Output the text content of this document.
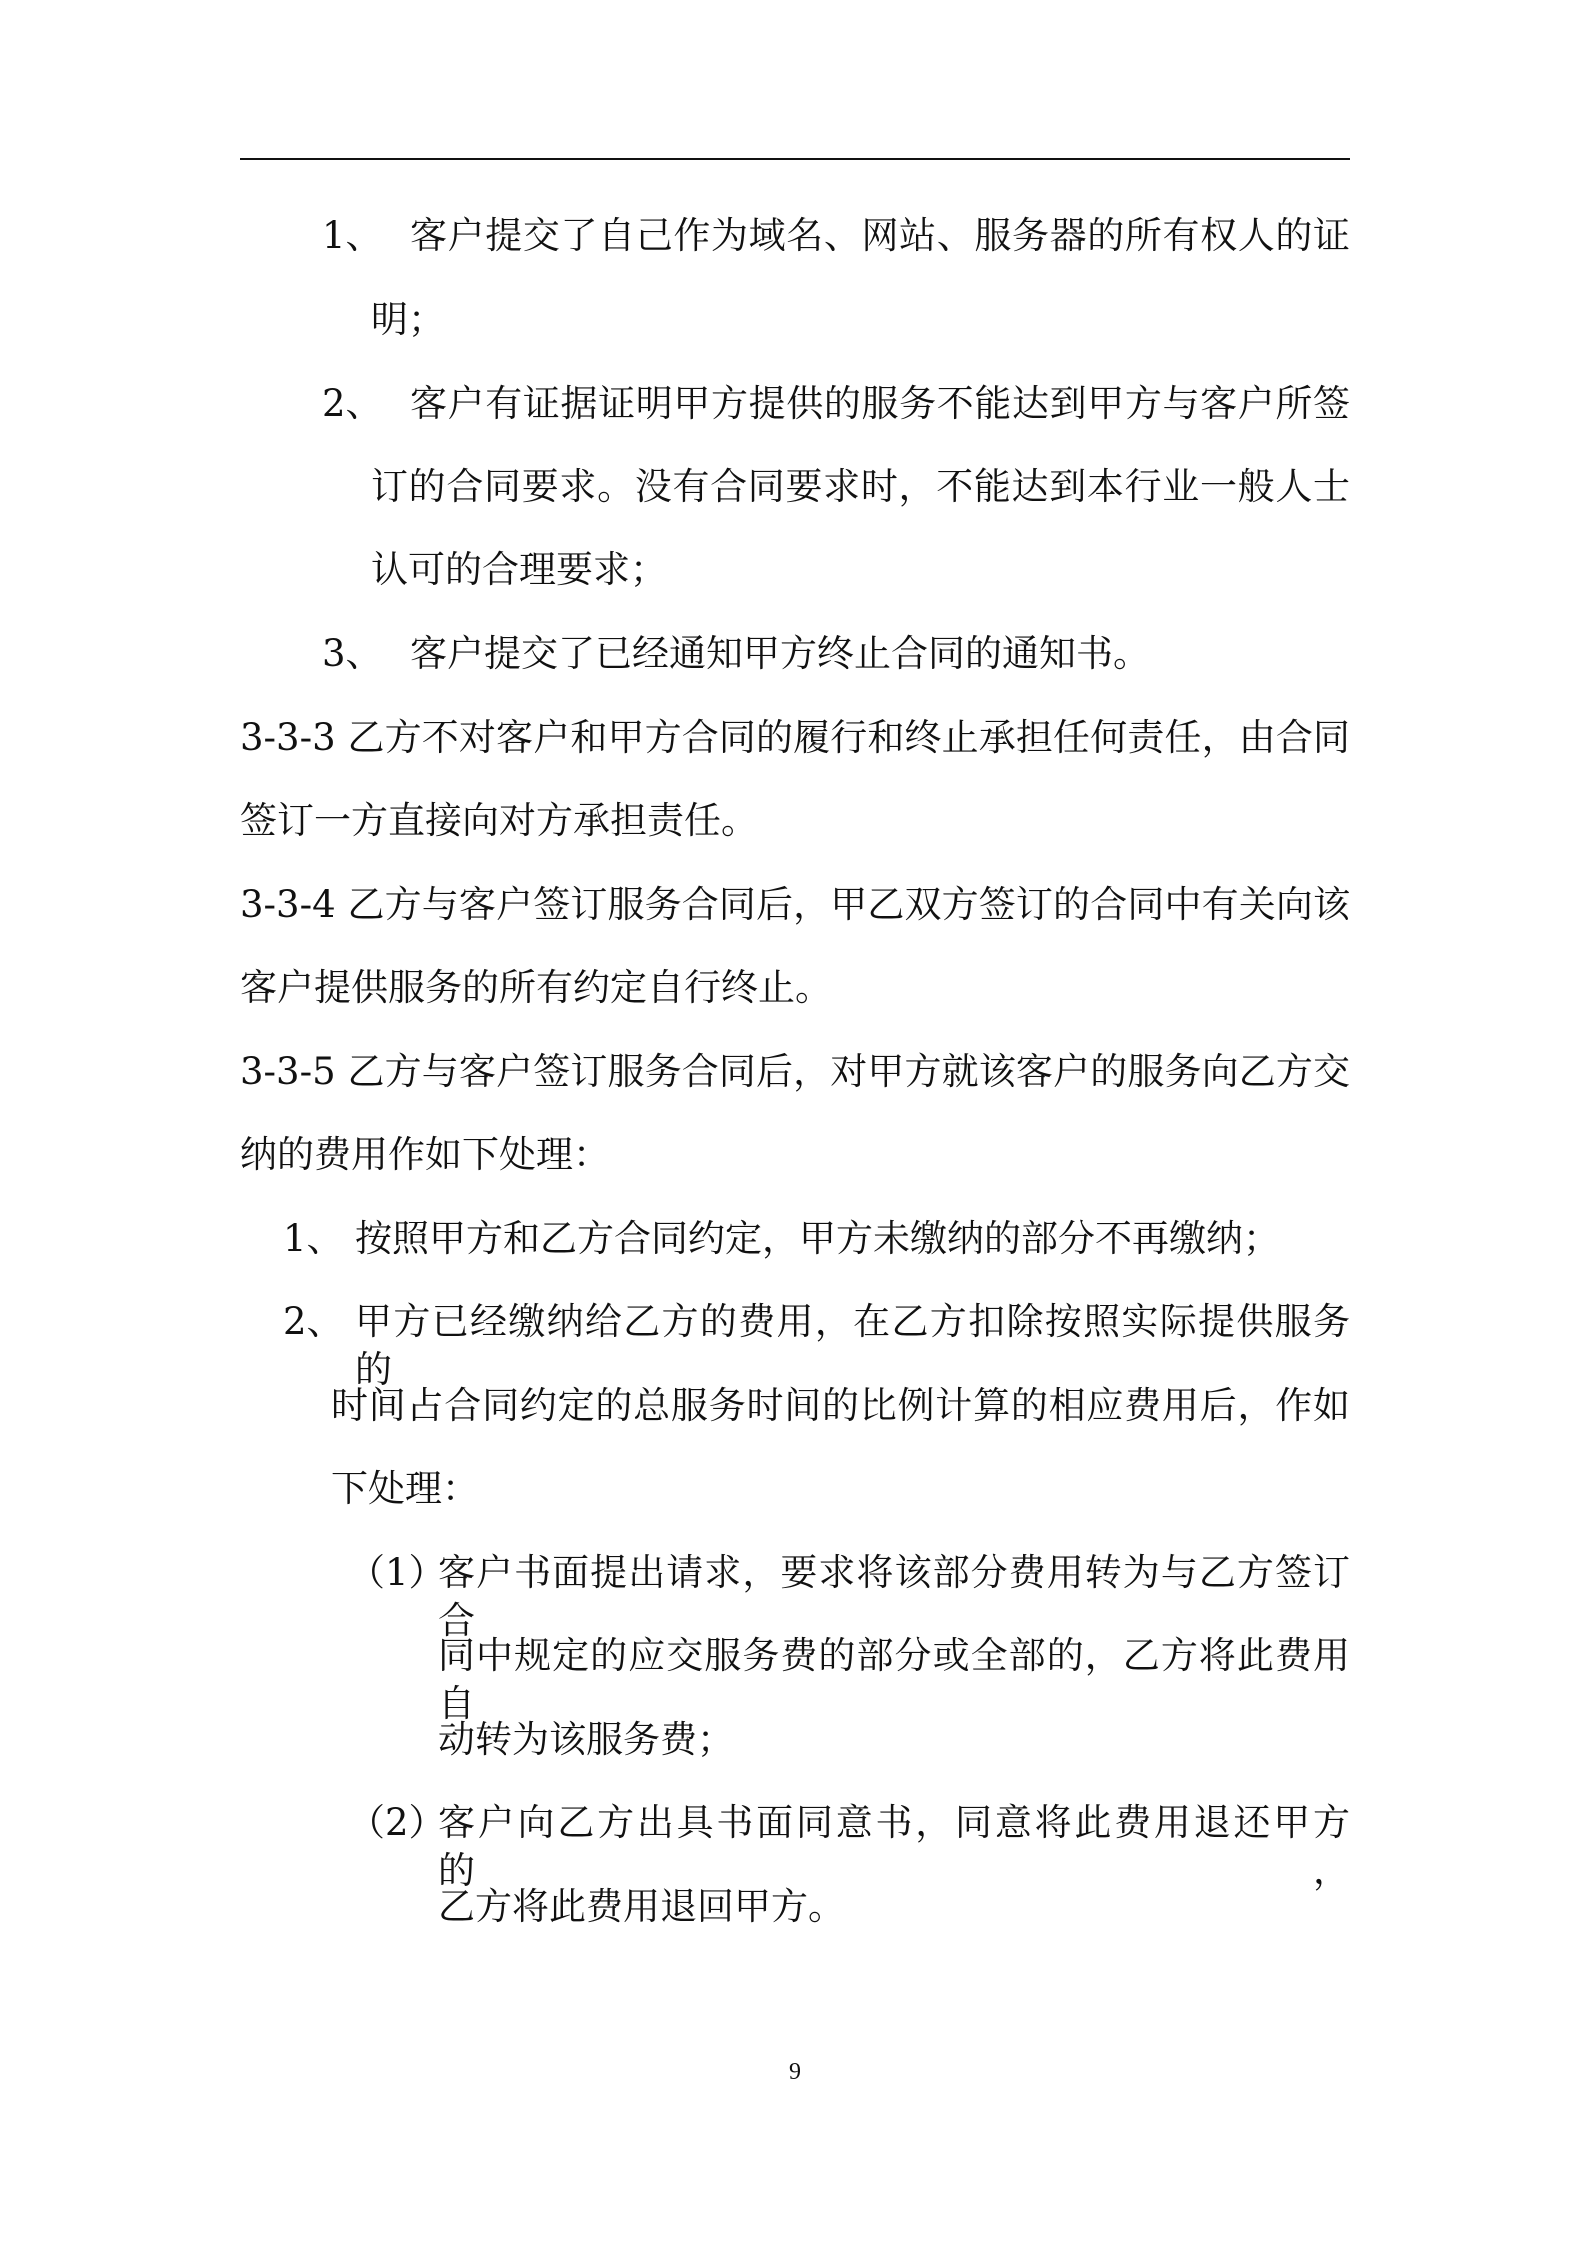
1、 客户提交了自己作为域名、网站、服务器的所有权人的证
明；
2、 客户有证据证明甲方提供的服务不能达到甲方与客户所签
订的合同要求。没有合同要求时，不能达到本行业一般人士
认可的合理要求；
3、 客户提交了已经通知甲方终止合同的通知书。
3-3-3 乙方不对客户和甲方合同的履行和终止承担任何责任，由合同
签订一方直接向对方承担责任。
3-3-4 乙方与客户签订服务合同后，甲乙双方签订的合同中有关向该
客户提供服务的所有约定自行终止。
3-3-5 乙方与客户签订服务合同后，对甲方就该客户的服务向乙方交
纳的费用作如下处理：
1、 按照甲方和乙方合同约定，甲方未缴纳的部分不再缴纳；
2、 甲方已经缴纳给乙方的费用，在乙方扣除按照实际提供服务的
时间占合同约定的总服务时间的比例计算的相应费用后，作如
下处理：
（1）
客户书面提出请求，要求将该部分费用转为与乙方签订合
同中规定的应交服务费的部分或全部的，乙方将此费用自
动转为该服务费；
（2）
客户向乙方出具书面同意书，同意将此费用退还甲方的，
乙方将此费用退回甲方。
9
